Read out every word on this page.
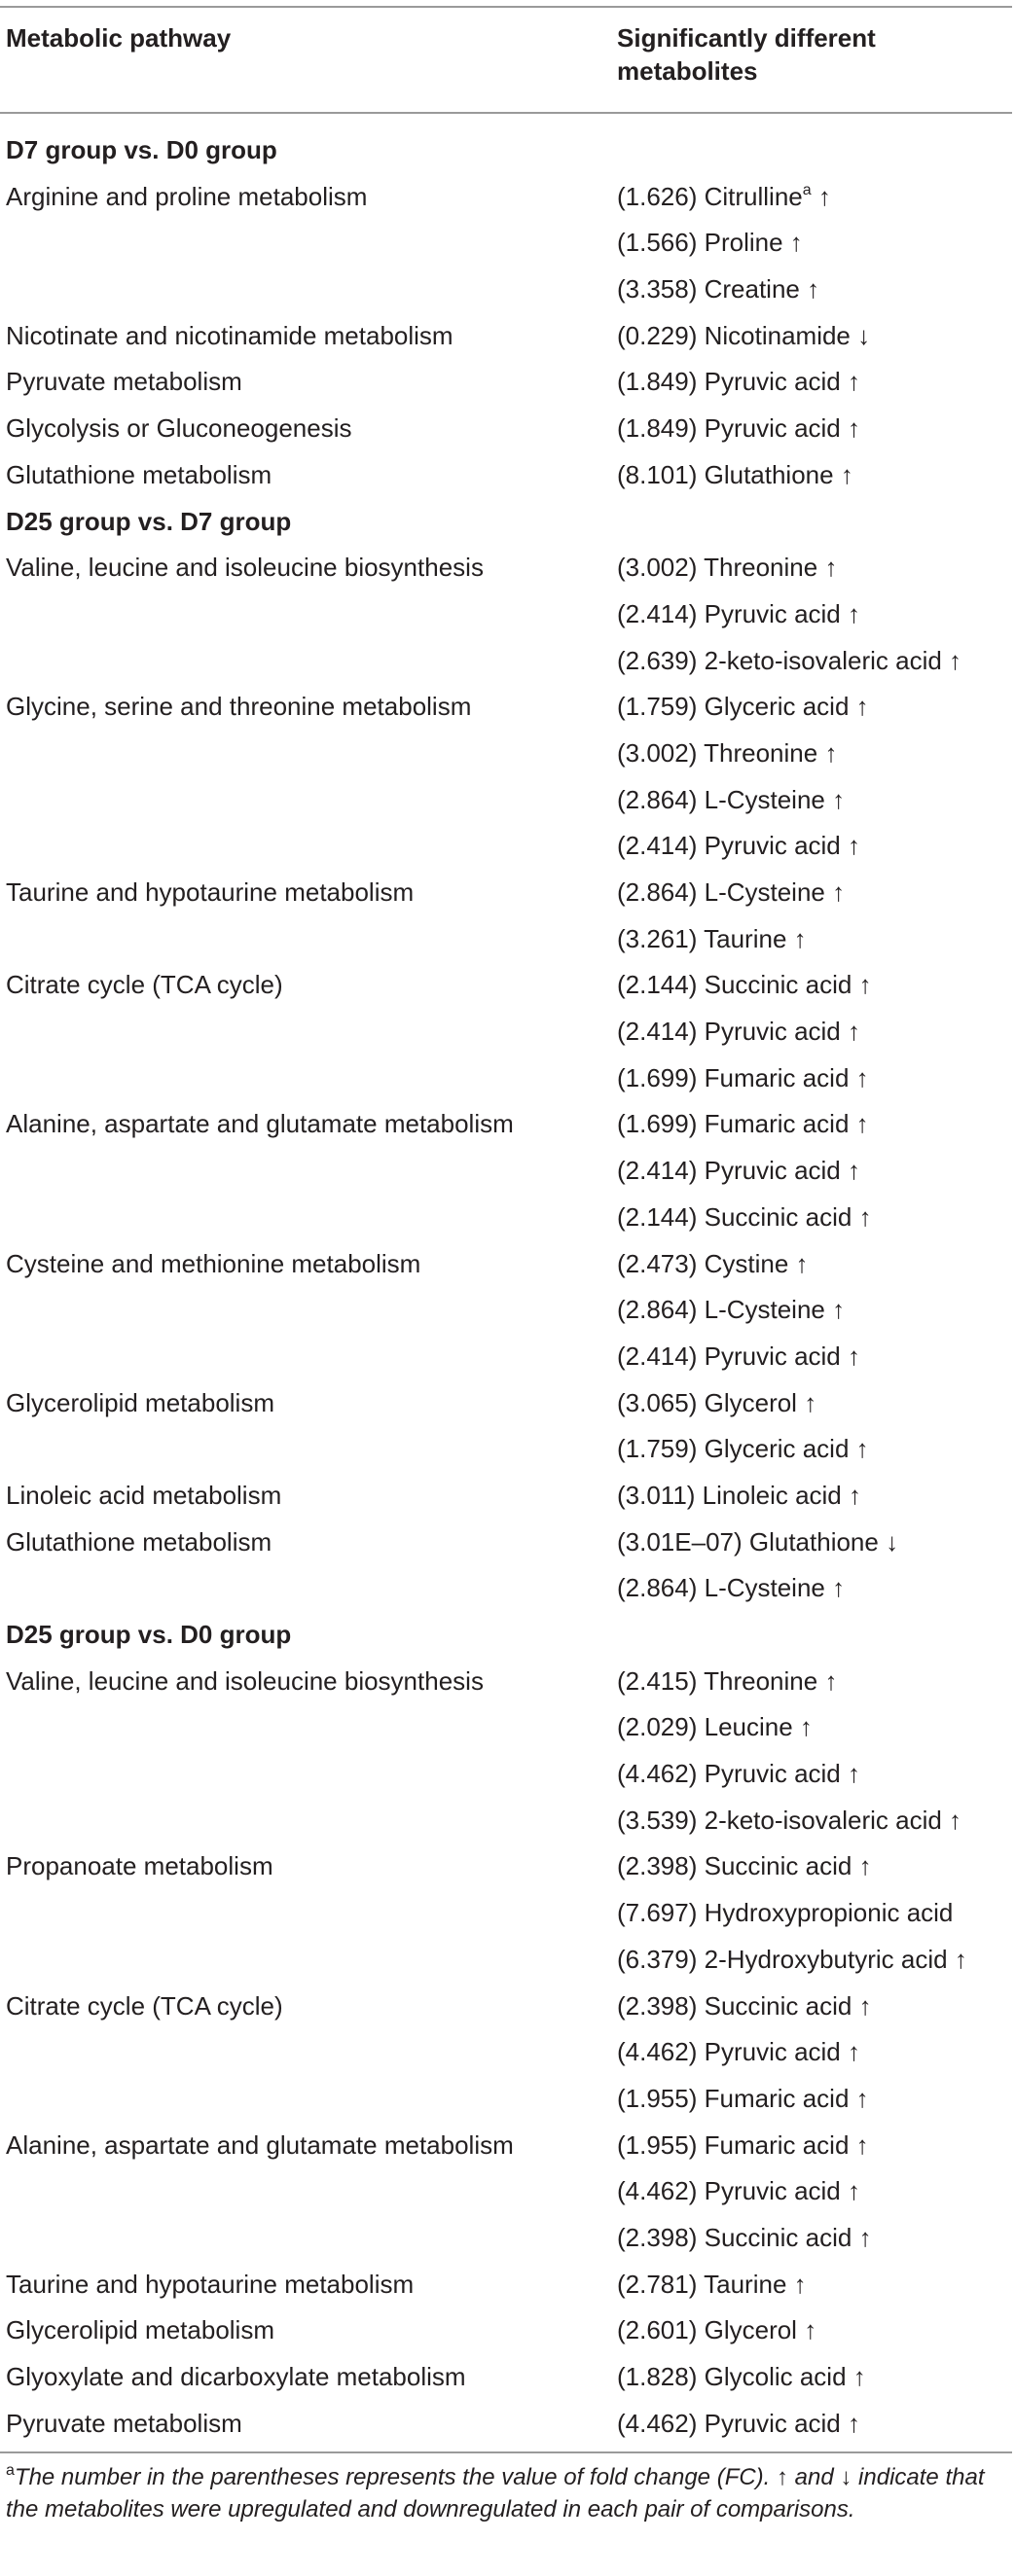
Metabolic pathway	Significantly different
metabolites
D7 group vs. D0 group
Arginine and proline metabolism	(1.626) Citrulline$^a$ ↑
(1.566) Proline ↑
(3.358) Creatine ↑
Nicotinate and nicotinamide metabolism	(0.229) Nicotinamide ↓
Pyruvate metabolism	(1.849) Pyruvic acid ↑
Glycolysis or Gluconeogenesis	(1.849) Pyruvic acid ↑
Glutathione metabolism	(8.101) Glutathione ↑
D25 group vs. D7 group
Valine, leucine and isoleucine biosynthesis	(3.002) Threonine ↑
(2.414) Pyruvic acid ↑
(2.639) 2-keto-isovaleric acid ↑
Glycine, serine and threonine metabolism	(1.759) Glyceric acid ↑
(3.002) Threonine ↑
(2.864) L-Cysteine ↑
(2.414) Pyruvic acid ↑
Taurine and hypotaurine metabolism	(2.864) L-Cysteine ↑
(3.261) Taurine ↑
Citrate cycle (TCA cycle)	(2.144) Succinic acid ↑
(2.414) Pyruvic acid ↑
(1.699) Fumaric acid ↑
Alanine, aspartate and glutamate metabolism	(1.699) Fumaric acid ↑
(2.414) Pyruvic acid ↑
(2.144) Succinic acid ↑
Cysteine and methionine metabolism	(2.473) Cystine ↑
(2.864) L-Cysteine ↑
(2.414) Pyruvic acid ↑
Glycerolipid metabolism	(3.065) Glycerol ↑
(1.759) Glyceric acid ↑
Linoleic acid metabolism	(3.011) Linoleic acid ↑
Glutathione metabolism	(3.01E–07) Glutathione ↓
(2.864) L-Cysteine ↑
D25 group vs. D0 group
Valine, leucine and isoleucine biosynthesis	(2.415) Threonine ↑
(2.029) Leucine ↑
(4.462) Pyruvic acid ↑
(3.539) 2-keto-isovaleric acid ↑
Propanoate metabolism	(2.398) Succinic acid ↑
(7.697) Hydroxypropionic acid
(6.379) 2-Hydroxybutyric acid ↑
Citrate cycle (TCA cycle)	(2.398) Succinic acid ↑
(4.462) Pyruvic acid ↑
(1.955) Fumaric acid ↑
Alanine, aspartate and glutamate metabolism	(1.955) Fumaric acid ↑
(4.462) Pyruvic acid ↑
(2.398) Succinic acid ↑
Taurine and hypotaurine metabolism	(2.781) Taurine ↑
Glycerolipid metabolism	(2.601) Glycerol ↑
Glyoxylate and dicarboxylate metabolism	(1.828) Glycolic acid ↑
Pyruvate metabolism	(4.462) Pyruvic acid ↑
$^a$The number in the parentheses represents the value of fold change (FC). ↑ and ↓ indicate that the metabolites were upregulated and downregulated in each pair of comparisons.
